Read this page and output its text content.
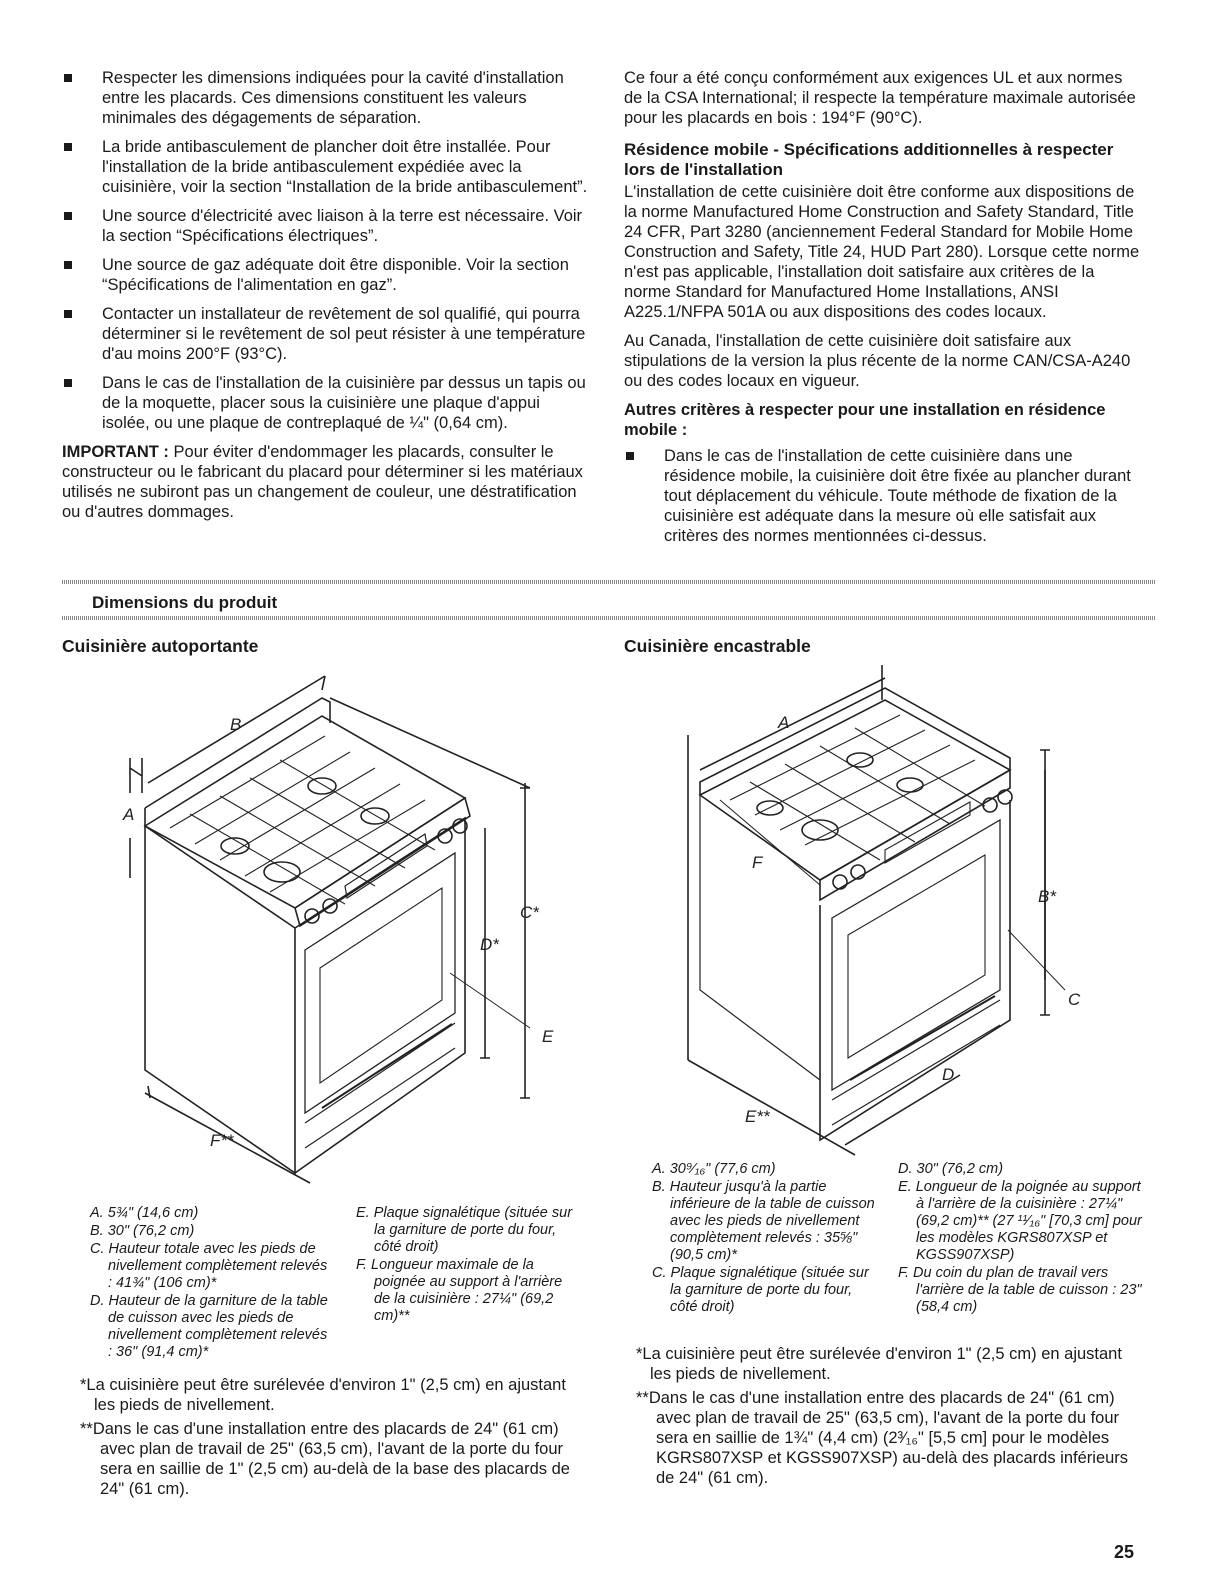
Respecter les dimensions indiquées pour la cavité d'installation entre les placards. Ces dimensions constituent les valeurs minimales des dégagements de séparation.
La bride antibasculement de plancher doit être installée. Pour l'installation de la bride antibasculement expédiée avec la cuisinière, voir la section “Installation de la bride antibasculement”.
Une source d'électricité avec liaison à la terre est nécessaire. Voir la section “Spécifications électriques”.
Une source de gaz adéquate doit être disponible. Voir la section “Spécifications de l'alimentation en gaz”.
Contacter un installateur de revêtement de sol qualifié, qui pourra déterminer si le revêtement de sol peut résister à une température d'au moins 200°F (93°C).
Dans le cas de l'installation de la cuisinière par dessus un tapis ou de la moquette, placer sous la cuisinière une plaque d'appui isolée, ou une plaque de contreplaqué de ¼" (0,64 cm).

IMPORTANT : Pour éviter d'endommager les placards, consulter le constructeur ou le fabricant du placard pour déterminer si les matériaux utilisés ne subiront pas un changement de couleur, une déstratification ou d'autres dommages.

Ce four a été conçu conformément aux exigences UL et aux normes de la CSA International; il respecte la température maximale autorisée pour les placards en bois : 194°F (90°C).

Résidence mobile - Spécifications additionnelles à respecter lors de l'installation

L'installation de cette cuisinière doit être conforme aux dispositions de la norme Manufactured Home Construction and Safety Standard, Title 24 CFR, Part 3280 (anciennement Federal Standard for Mobile Home Construction and Safety, Title 24, HUD Part 280). Lorsque cette norme n'est pas applicable, l'installation doit satisfaire aux critères de la norme Standard for Manufactured Home Installations, ANSI A225.1/NFPA 501A ou aux dispositions des codes locaux.

Au Canada, l'installation de cette cuisinière doit satisfaire aux stipulations de la version la plus récente de la norme CAN/CSA-A240 ou des codes locaux en vigueur.

Autres critères à respecter pour une installation en résidence mobile :
Dans le cas de l'installation de cette cuisinière dans une résidence mobile, la cuisinière doit être fixée au plancher durant tout déplacement du véhicule. Toute méthode de fixation de la cuisinière est adéquate dans la mesure où elle satisfait aux critères des normes mentionnées ci-dessus.
Dimensions du produit
Cuisinière autoportante	Cuisinière encastrable
B
A
C*
D*
E
F**
A
B*
C
D
E**
F
A. 5¾" (14,6 cm)
B. 30" (76,2 cm)
C. Hauteur totale avec les pieds de nivellement complètement relevés : 41¾" (106 cm)*
D. Hauteur de la garniture de la table de cuisson avec les pieds de nivellement complètement relevés : 36" (91,4 cm)*
E. Plaque signalétique (située sur la garniture de porte du four, côté droit)
F. Longueur maximale de la poignée au support à l'arrière de la cuisinière : 27¼" (69,2 cm)**
*La cuisinière peut être surélevée d'environ 1" (2,5 cm) en ajustant les pieds de nivellement.
**Dans le cas d'une installation entre des placards de 24" (61 cm) avec plan de travail de 25" (63,5 cm), l'avant de la porte du four sera en saillie de 1" (2,5 cm) au-delà de la base des placards de 24" (61 cm).
A. 30⁹⁄₁₆" (77,6 cm)
B. Hauteur jusqu'à la partie inférieure de la table de cuisson avec les pieds de nivellement complètement relevés : 35⅝" (90,5 cm)*
C. Plaque signalétique (située sur la garniture de porte du four, côté droit)
D. 30" (76,2 cm)
E. Longueur de la poignée au support à l'arrière de la cuisinière : 27¼" (69,2 cm)** (27 ¹¹⁄₁₆" [70,3 cm] pour les modèles KGRS807XSP et KGSS907XSP)
F. Du coin du plan de travail vers l'arrière de la table de cuisson : 23" (58,4 cm)
*La cuisinière peut être surélevée d'environ 1" (2,5 cm) en ajustant les pieds de nivellement.
**Dans le cas d'une installation entre des placards de 24" (61 cm) avec plan de travail de 25" (63,5 cm), l'avant de la porte du four sera en saillie de 1¾" (4,4 cm) (2³⁄₁₆" [5,5 cm] pour le modèles KGRS807XSP et KGSS907XSP) au-delà des placards inférieurs de 24" (61 cm).
25
